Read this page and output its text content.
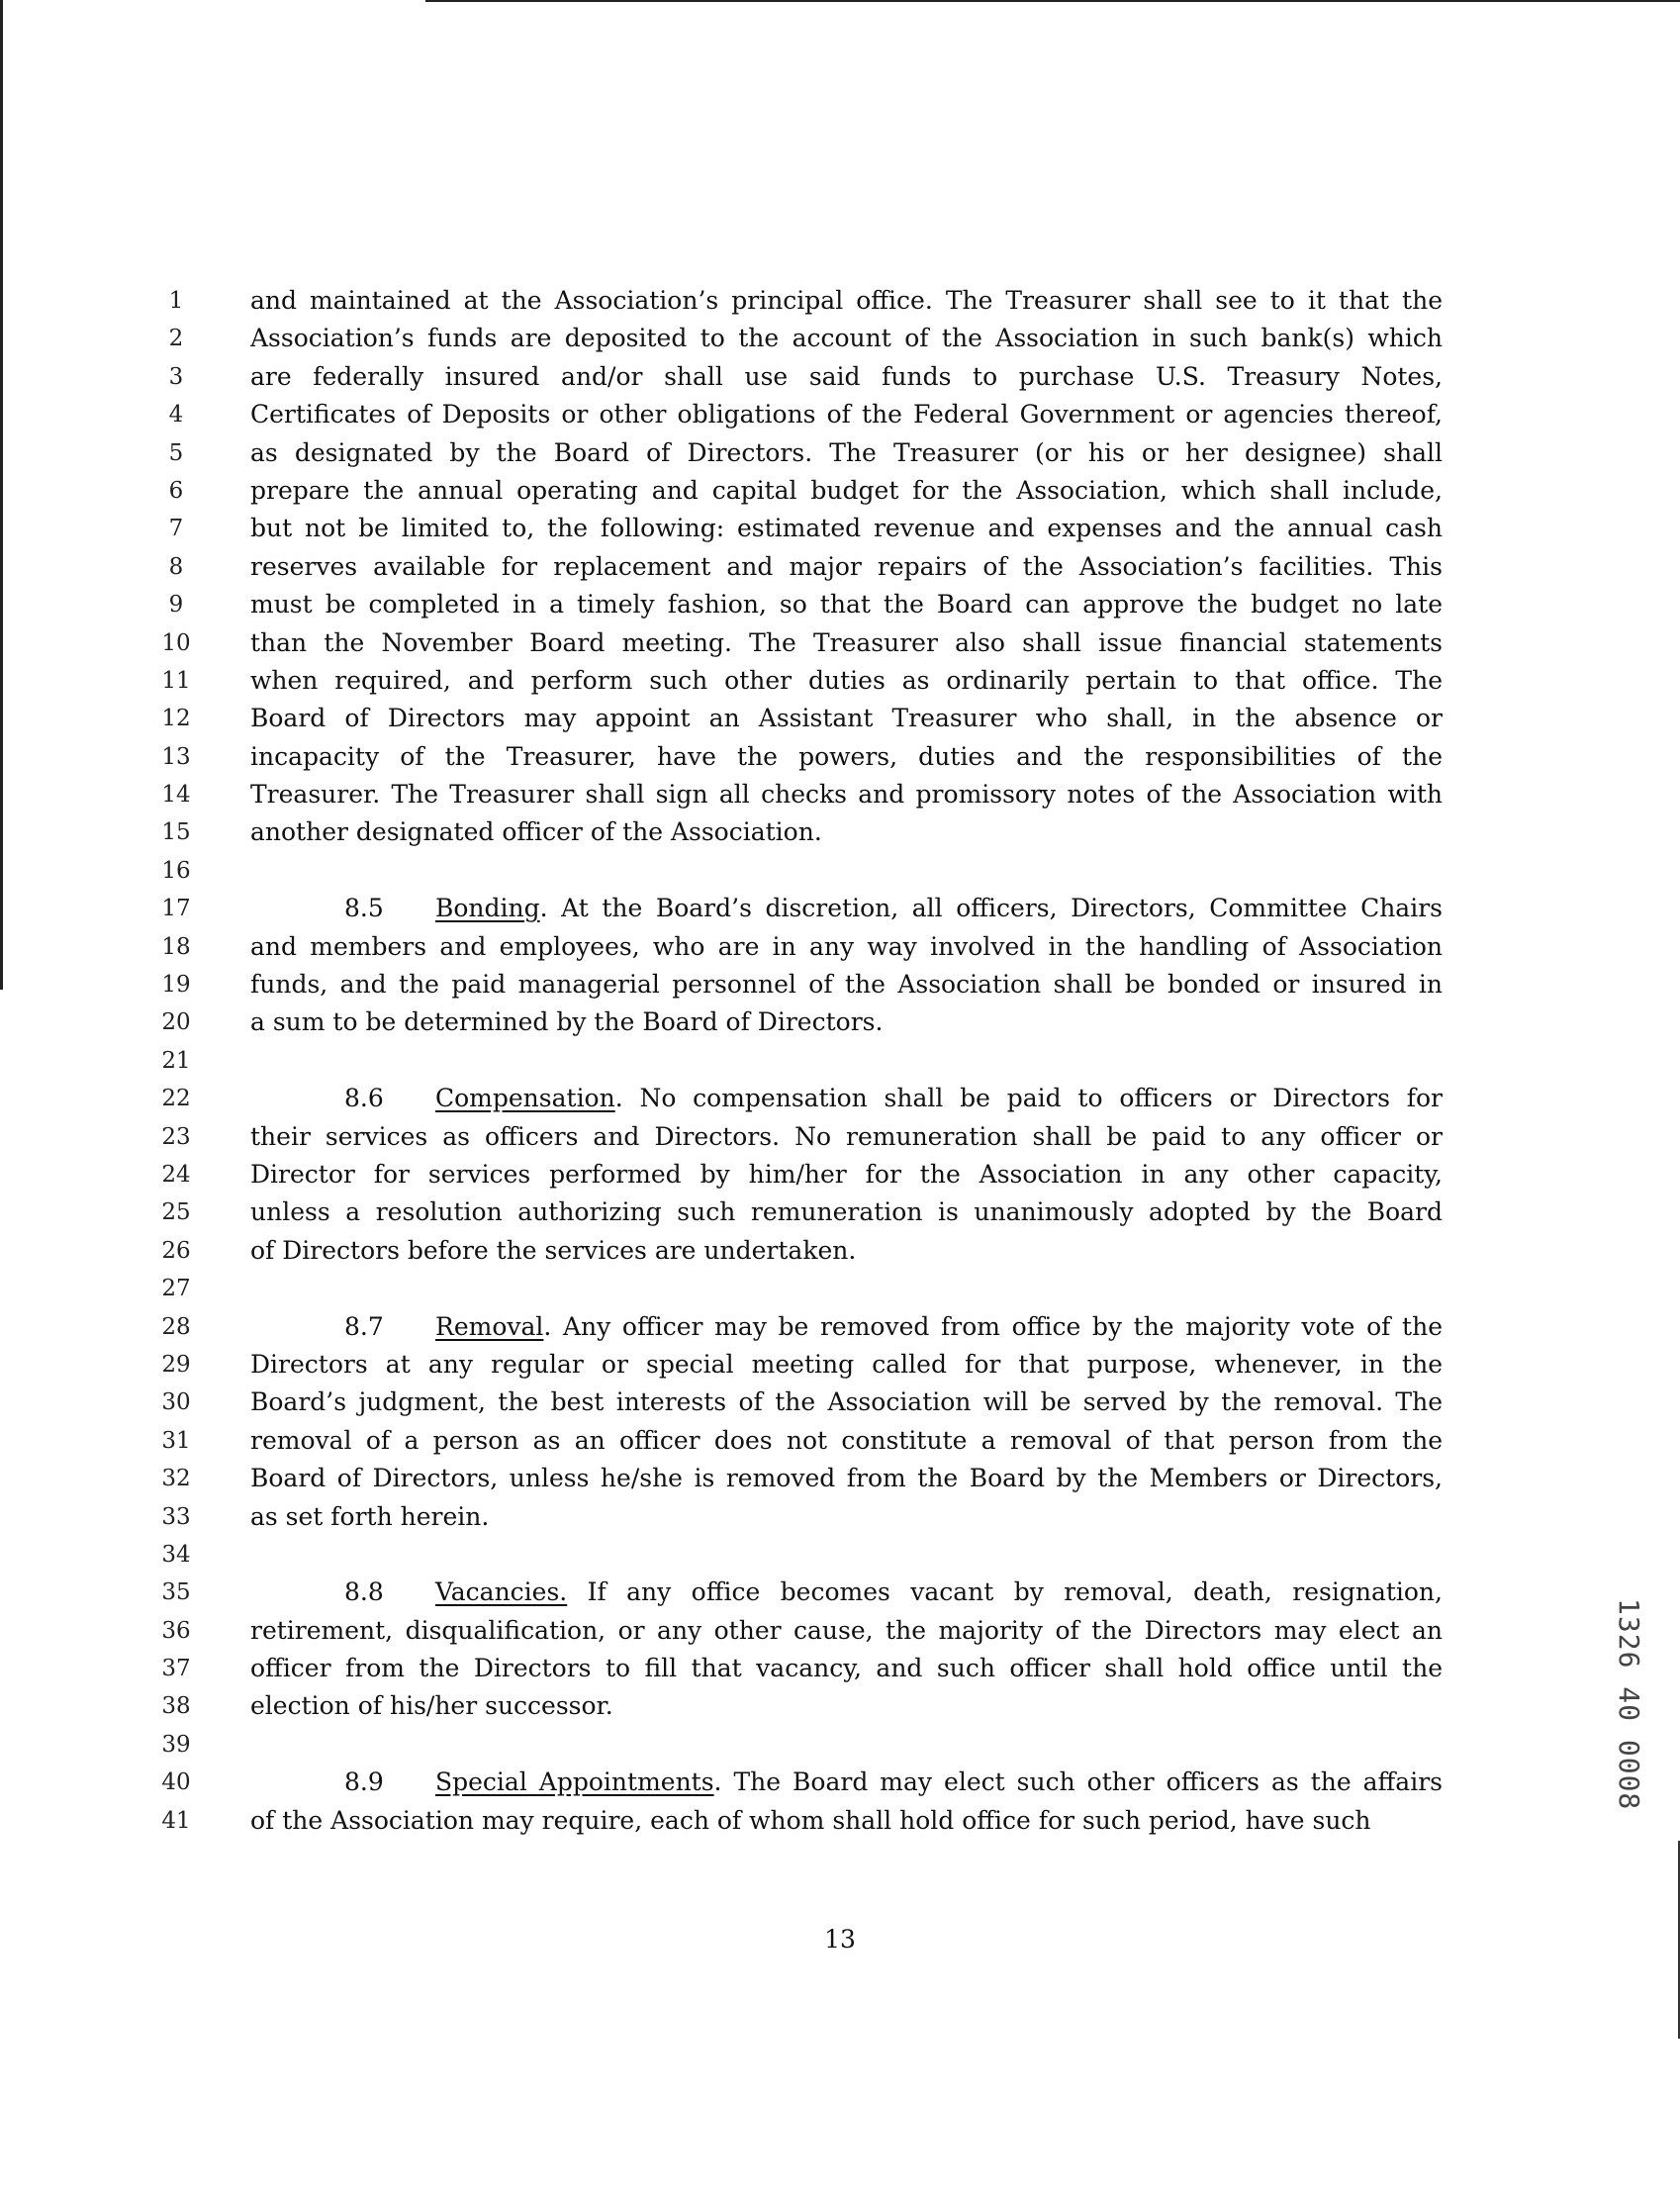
1	and maintained at the Association’s principal office. The Treasurer shall see to it that the
2	Association’s funds are deposited to the account of the Association in such bank(s) which
3	are federally insured and/or shall use said funds to purchase U.S. Treasury Notes,
4	Certificates of Deposits or other obligations of the Federal Government or agencies thereof,
5	as designated by the Board of Directors. The Treasurer (or his or her designee) shall
6	prepare the annual operating and capital budget for the Association, which shall include,
7	but not be limited to, the following: estimated revenue and expenses and the annual cash
8	reserves available for replacement and major repairs of the Association’s facilities. This
9	must be completed in a timely fashion, so that the Board can approve the budget no late
10 than the November Board meeting. The Treasurer also shall issue financial statements
11 when required, and perform such other duties as ordinarily pertain to that office. The
12 Board of Directors may appoint an Assistant Treasurer who shall, in the absence or
13 incapacity of the Treasurer, have the powers, duties and the responsibilities of the
14 Treasurer. The Treasurer shall sign all checks and promissory notes of the Association with
15 another designated officer of the Association.
16
17	8.5 Bonding. At the Board’s discretion, all officers, Directors, Committee Chairs
18 and members and employees, who are in any way involved in the handling of Association
19 funds, and the paid managerial personnel of the Association shall be bonded or insured in
20 a sum to be determined by the Board of Directors.
21
22	8.6 Compensation. No compensation shall be paid to officers or Directors for
23 their services as officers and Directors. No remuneration shall be paid to any officer or
24 Director for services performed by him/her for the Association in any other capacity,
25 unless a resolution authorizing such remuneration is unanimously adopted by the Board
26 of Directors before the services are undertaken.
27
28	8.7 Removal. Any officer may be removed from office by the majority vote of the
29 Directors at any regular or special meeting called for that purpose, whenever, in the
30 Board’s judgment, the best interests of the Association will be served by the removal. The
31 removal of a person as an officer does not constitute a removal of that person from the
32 Board of Directors, unless he/she is removed from the Board by the Members or Directors,
33 as set forth herein.
34
35	8.8 Vacancies. If any office becomes vacant by removal, death, resignation,
36 retirement, disqualification, or any other cause, the majority of the Directors may elect an
37 officer from the Directors to fill that vacancy, and such officer shall hold office until the
38 election of his/her successor.
39
40	8.9 Special Appointments. The Board may elect such other officers as the affairs
41 of the Association may require, each of whom shall hold office for such period, have such
13
1326 40 0008
